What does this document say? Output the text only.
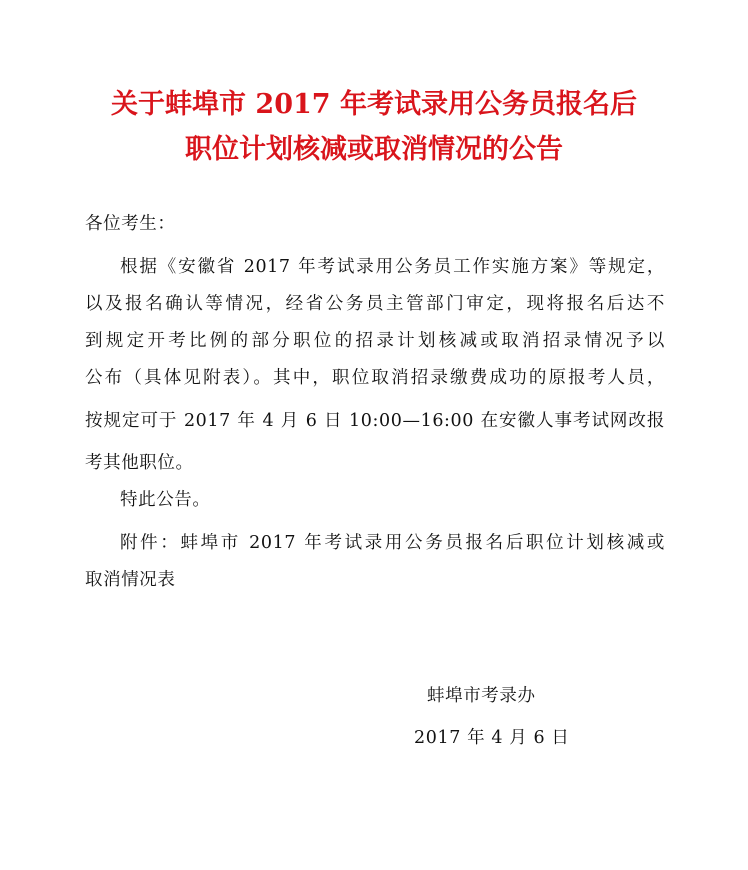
关于蚌埠市 2017 年考试录用公务员报名后
职位计划核减或取消情况的公告
各位考生：
根据《安徽省 2017 年考试录用公务员工作实施方案》等规定，
以及报名确认等情况，经省公务员主管部门审定，现将报名后达不
到规定开考比例的部分职位的招录计划核减或取消招录情况予以
公布（具体见附表）。其中，职位取消招录缴费成功的原报考人员，
按规定可于 2017 年 4 月 6 日 10:00—16:00 在安徽人事考试网改报
考其他职位。
特此公告。
附件：蚌埠市 2017 年考试录用公务员报名后职位计划核减或
取消情况表
蚌埠市考录办
2017 年 4 月 6 日
